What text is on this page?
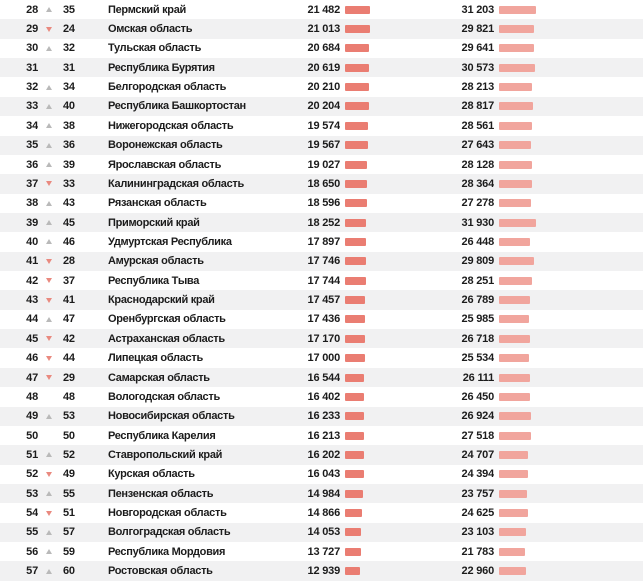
28 35	Пермский край	21 482	31 203
29 24	Омская область	21 013	29 821
30 32	Тульская область	20 684	29 641
31 31	Республика Бурятия	20 619	30 573
32 34	Белгородская область	20 210	28 213
33 40	Республика Башкортостан	20 204	28 817
34 38	Нижегородская область	19 574	28 561
35 36	Воронежская область	19 567	27 643
36 39	Ярославская область	19 027	28 128
37 33	Калининградская область	18 650	28 364
38 43	Рязанская область	18 596	27 278
39 45	Приморский край	18 252	31 930
40 46	Удмуртская Республика	17 897	26 448
41 28	Амурская область	17 746	29 809
42 37	Республика Тыва	17 744	28 251
43 41	Краснодарский край	17 457	26 789
44 47	Оренбургская область	17 436	25 985
45 42	Астраханская область	17 170	26 718
46 44	Липецкая область	17 000	25 534
47 29	Самарская область	16 544	26 111
48 48	Вологодская область	16 402	26 450
49 53	Новосибирская область	16 233	26 924
50 50	Республика Карелия	16 213	27 518
51 52	Ставропольский край	16 202	24 707
52 49	Курская область	16 043	24 394
53 55	Пензенская область	14 984	23 757
54 51	Новгородская область	14 866	24 625
55 57	Волгоградская область	14 053	23 103
56 59	Республика Мордовия	13 727	21 783
57 60	Ростовская область	12 939	22 960
